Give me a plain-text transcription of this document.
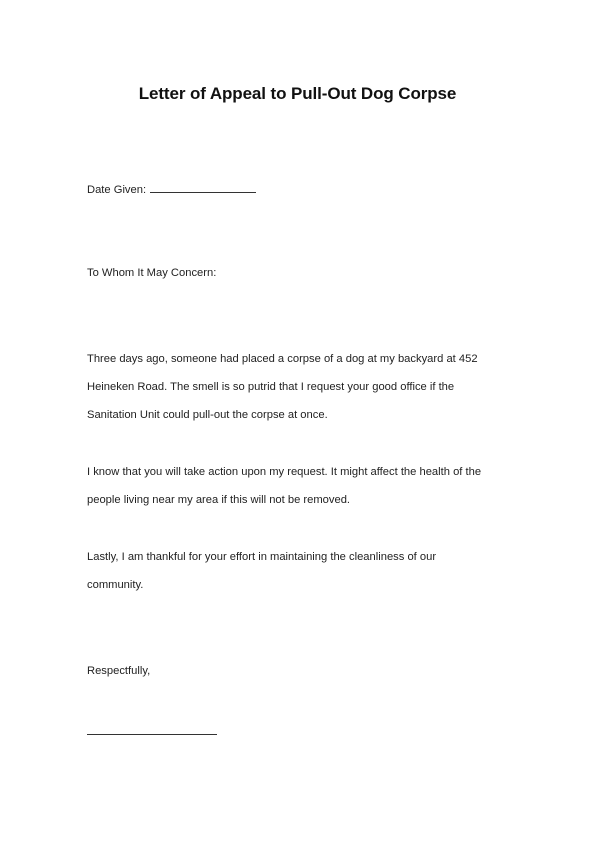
Letter of Appeal to Pull-Out Dog Corpse
Date Given:
To Whom It May Concern:
Three days ago, someone had placed a corpse of a dog at my backyard at 452
Heineken Road. The smell is so putrid that I request your good office if the
Sanitation Unit could pull-out the corpse at once.
I know that you will take action upon my request. It might affect the health of the
people living near my area if this will not be removed.
Lastly, I am thankful for your effort in maintaining the cleanliness of our
community.
Respectfully,
